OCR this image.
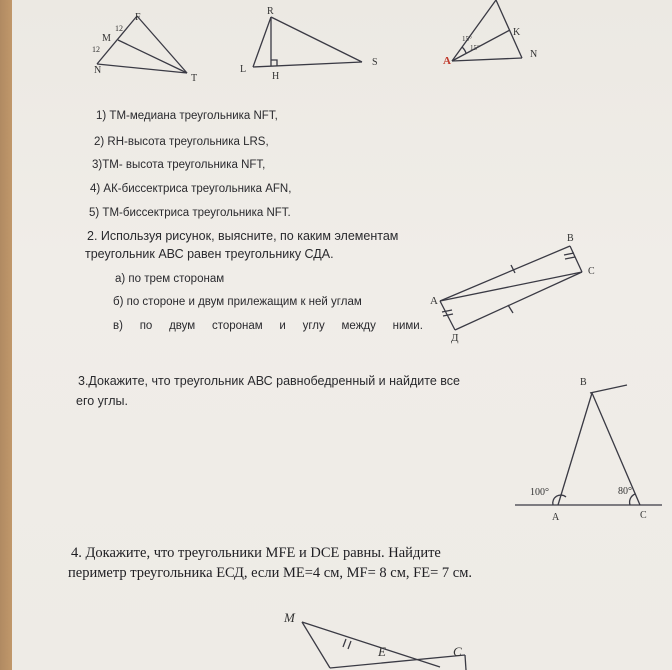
F
M
N
T
12
12
R
L
H
S	A
K
N
15°
15°
1) ТМ-медиана треугольника NFT,
2) RH-высота треугольника LRS,
3)ТМ- высота треугольника NFT,
4) АК-биссектриса треугольника AFN,
5) ТМ-биссектриса треугольника NFT.
2. Используя рисунок, выясните, по каким элементам
треугольник АВС равен треугольнику СДА.
а) по трем сторонам
б) по стороне и двум прилежащим к ней углам
в) по двум сторонам и углу между ними.
B
C
A
Д
3.Докажите, что треугольник АВС равнобедренный и найдите все
его углы.
B
A	C
100°	80°
4. Докажите, что треугольники MFE и DCE равны. Найдите
периметр треугольника ЕСД, если МЕ=4 см, MF= 8 см, FE= 7 см.
M
E	C
